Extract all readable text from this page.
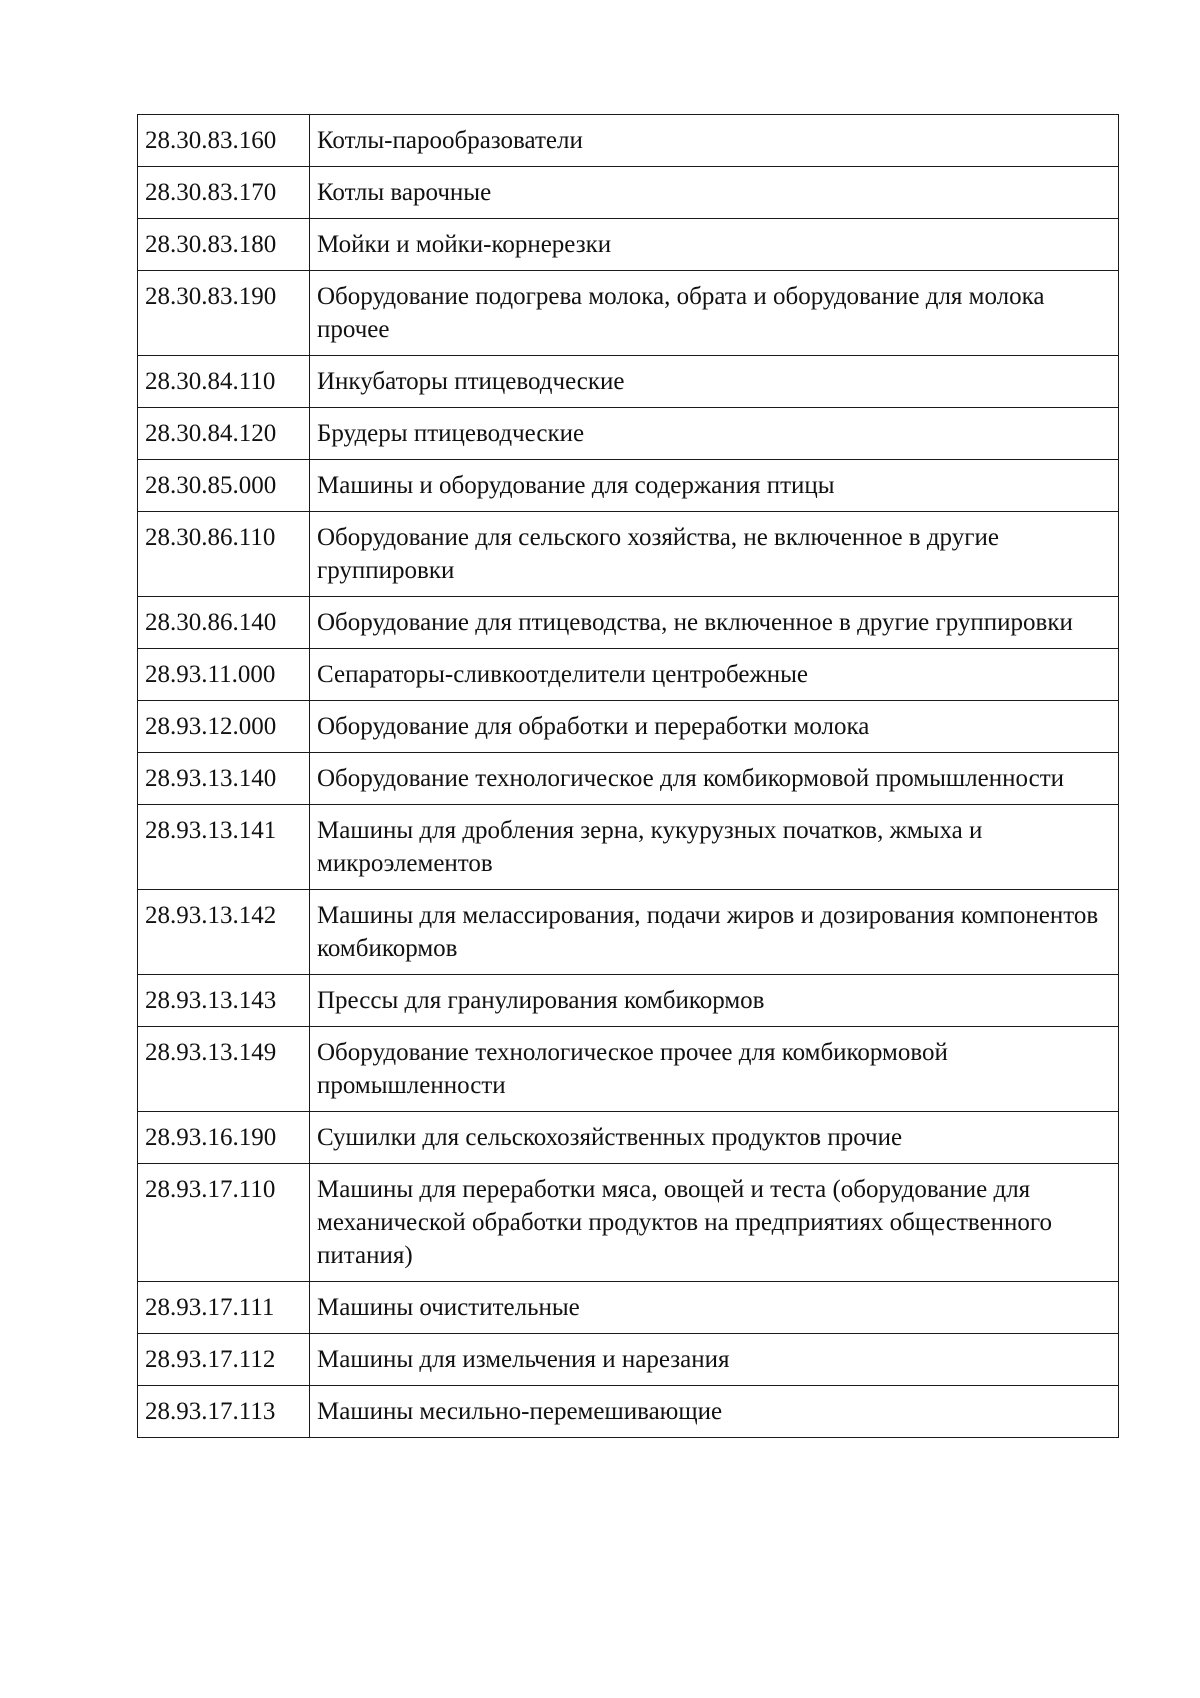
28.30.83.160	Котлы-парообразователи
28.30.83.170	Котлы варочные
28.30.83.180	Мойки и мойки-корнерезки
28.30.83.190	Оборудование подогрева молока, обрата и оборудование для молока прочее
28.30.84.110	Инкубаторы птицеводческие
28.30.84.120	Брудеры птицеводческие
28.30.85.000	Машины и оборудование для содержания птицы
28.30.86.110	Оборудование для сельского хозяйства, не включенное в другие группировки
28.30.86.140	Оборудование для птицеводства, не включенное в другие группировки
28.93.11.000	Сепараторы-сливкоотделители центробежные
28.93.12.000	Оборудование для обработки и переработки молока
28.93.13.140	Оборудование технологическое для комбикормовой промышленности
28.93.13.141	Машины для дробления зерна, кукурузных початков, жмыха и микроэлементов
28.93.13.142	Машины для мелассирования, подачи жиров и дозирования компонентов комбикормов
28.93.13.143	Прессы для гранулирования комбикормов
28.93.13.149	Оборудование технологическое прочее для комбикормовой промышленности
28.93.16.190	Сушилки для сельскохозяйственных продуктов прочие
28.93.17.110	Машины для переработки мяса, овощей и теста (оборудование для механической обработки продуктов на предприятиях общественного питания)
28.93.17.111	Машины очистительные
28.93.17.112	Машины для измельчения и нарезания
28.93.17.113	Машины месильно-перемешивающие
